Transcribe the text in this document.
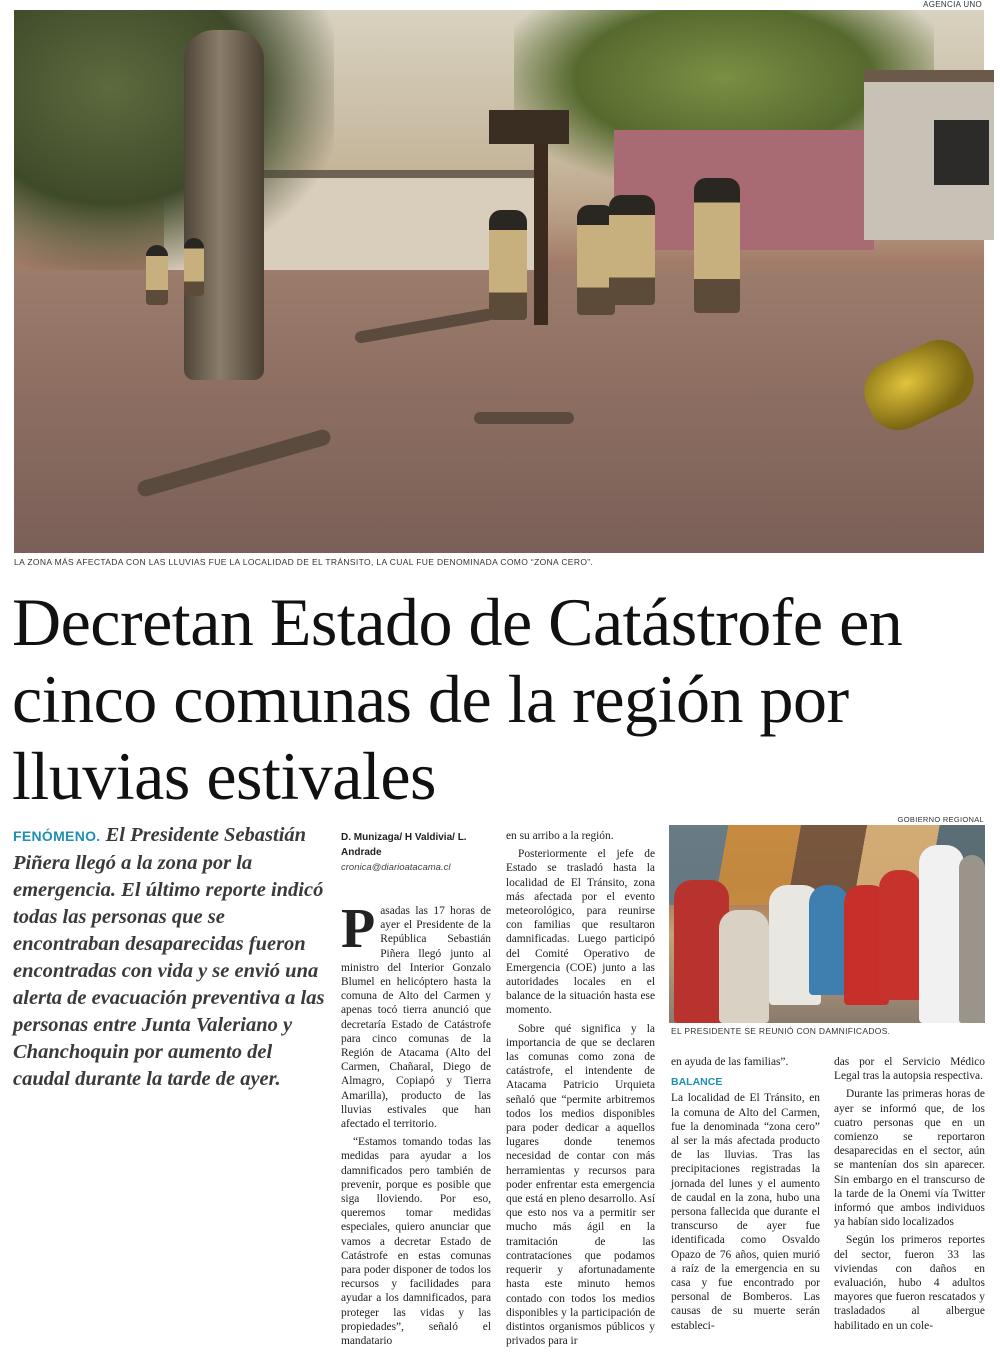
AGENCIA UNO
LA ZONA MÁS AFECTADA CON LAS LLUVIAS FUE LA LOCALIDAD DE EL TRÁNSITO, LA CUAL FUE DENOMINADA COMO “ZONA CERO”.
Decretan Estado de Catástrofe en cinco comunas de la región por lluvias estivales
FENÓMENO. El Presidente Sebastián Piñera llegó a la zona por la emergencia. El último reporte indicó todas las personas que se encontraban desaparecidas fueron encontradas con vida y se envió una alerta de evacuación preventiva a las personas entre Junta Valeriano y Chanchoquin por aumento del caudal durante la tarde de ayer.
D. Munizaga/ H Valdivia/ L. Andrade
cronica@diarioatacama.cl

Pasadas las 17 horas de ayer el Presidente de la República Sebastián Piñera llegó junto al ministro del Interior Gonzalo Blumel en helicóptero hasta la comuna de Alto del Carmen y apenas tocó tierra anunció que decretaría Estado de Catástrofe para cinco comunas de la Región de Atacama (Alto del Carmen, Chañaral, Diego de Almagro, Copiapó y Tierra Amarilla), producto de las lluvias estivales que han afectado el territorio.

“Estamos tomando todas las medidas para ayudar a los damnificados pero también de prevenir, porque es posible que siga lloviendo. Por eso, queremos tomar medidas especiales, quiero anunciar que vamos a decretar Estado de Catástrofe en estas comunas para poder disponer de todos los recursos y facilidades para ayudar a los damnificados, para proteger las vidas y las propiedades”, señaló el mandatario

en su arribo a la región.

Posteriormente el jefe de Estado se trasladó hasta la localidad de El Tránsito, zona más afectada por el evento meteorológico, para reunirse con familias que resultaron damnificadas. Luego participó del Comité Operativo de Emergencia (COE) junto a las autoridades locales en el balance de la situación hasta ese momento.

Sobre qué significa y la importancia de que se declaren las comunas como zona de catástrofe, el intendente de Atacama Patricio Urquieta señaló que “permite arbitremos todos los medios disponibles para poder dedicar a aquellos lugares donde tenemos necesidad de contar con más herramientas y recursos para poder enfrentar esta emergencia que está en pleno desarrollo. Así que esto nos va a permitir ser mucho más ágil en la tramitación de las contrataciones que podamos requerir y afortunadamente hasta este minuto hemos contado con todos los medios disponibles y la participación de distintos organismos públicos y privados para ir

GOBIERNO REGIONAL
EL PRESIDENTE SE REUNIÓ CON DAMNIFICADOS.

en ayuda de las familias”.

BALANCE

La localidad de El Tránsito, en la comuna de Alto del Carmen, fue la denominada “zona cero” al ser la más afectada producto de las lluvias. Tras las precipitaciones registradas la jornada del lunes y el aumento de caudal en la zona, hubo una persona fallecida que durante el transcurso de ayer fue identificada como Osvaldo Opazo de 76 años, quien murió a raíz de la emergencia en su casa y fue encontrado por personal de Bomberos. Las causas de su muerte serán estableci-

das por el Servicio Médico Legal tras la autopsia respectiva.

Durante las primeras horas de ayer se informó que, de los cuatro personas que en un comienzo se reportaron desaparecidas en el sector, aún se mantenían dos sin aparecer. Sin embargo en el transcurso de la tarde de la Onemi vía Twitter informó que ambos individuos ya habían sido localizados

Según los primeros reportes del sector, fueron 33 las viviendas con daños en evaluación, hubo 4 adultos mayores que fueron rescatados y trasladados al albergue habilitado en un cole-
